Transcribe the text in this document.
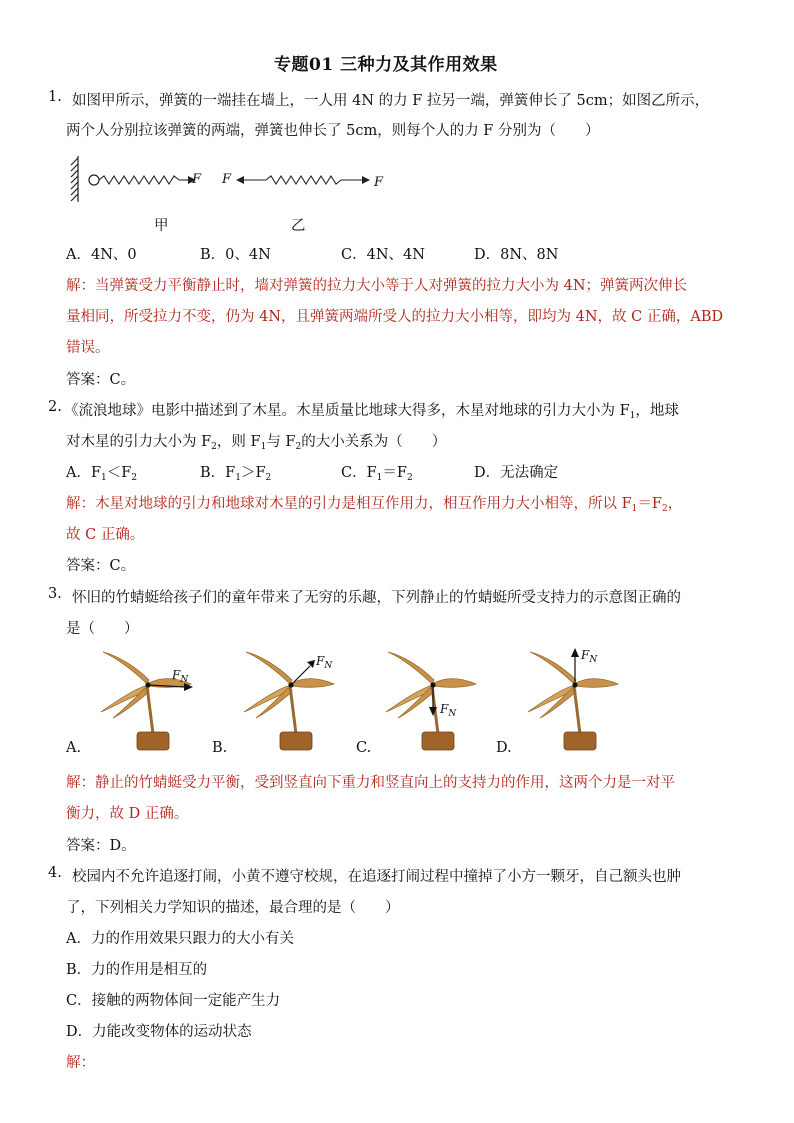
专题01 三种力及其作用效果
1. 如图甲所示，弹簧的一端挂在墙上，一人用 4N 的力 F 拉另一端，弹簧伸长了 5cm；如图乙所示，
两个人分别拉该弹簧的两端，弹簧也伸长了 5cm，则每个人的力 F 分别为（　　）
F F	F
甲	乙
A．4N、0	B．0、4N	C．4N、4N	D．8N、8N
解：当弹簧受力平衡静止时，墙对弹簧的拉力大小等于人对弹簧的拉力大小为 4N；弹簧两次伸长
量相同，所受拉力不变，仍为 4N，且弹簧两端所受人的拉力大小相等，即均为 4N，故 C 正确，ABD
错误。
答案：C。
2. 《流浪地球》电影中描述到了木星。木星质量比地球大得多，木星对地球的引力大小为 $F_1$，地球
对木星的引力大小为 $F_2$，则 $F_1$与 $F_2$的大小关系为（　　）
A．$F_1<F_2$	B．$F_1>F_2$	C．$F_1=F_2$	D．无法确定
解：木星对地球的引力和地球对木星的引力是相互作用力，相互作用力大小相等，所以 $F_1=F_2$，
故 C 正确。
答案：C。
3. 怀旧的竹蜻蜓给孩子们的童年带来了无穷的乐趣，下列静止的竹蜻蜓所受支持力的示意图正确的
是（　　）
$F_N$
$F_N$
$F_N$
$F_N$
A.	B.	C.	D.
解：静止的竹蜻蜓受力平衡，受到竖直向下重力和竖直向上的支持力的作用，这两个力是一对平
衡力，故 D 正确。
答案：D。
4. 校园内不允许追逐打闹，小黄不遵守校规，在追逐打闹过程中撞掉了小方一颗牙，自己额头也肿
了，下列相关力学知识的描述，最合理的是（　　）
A．力的作用效果只跟力的大小有关
B．力的作用是相互的
C．接触的两物体间一定能产生力
D．力能改变物体的运动状态
解：
